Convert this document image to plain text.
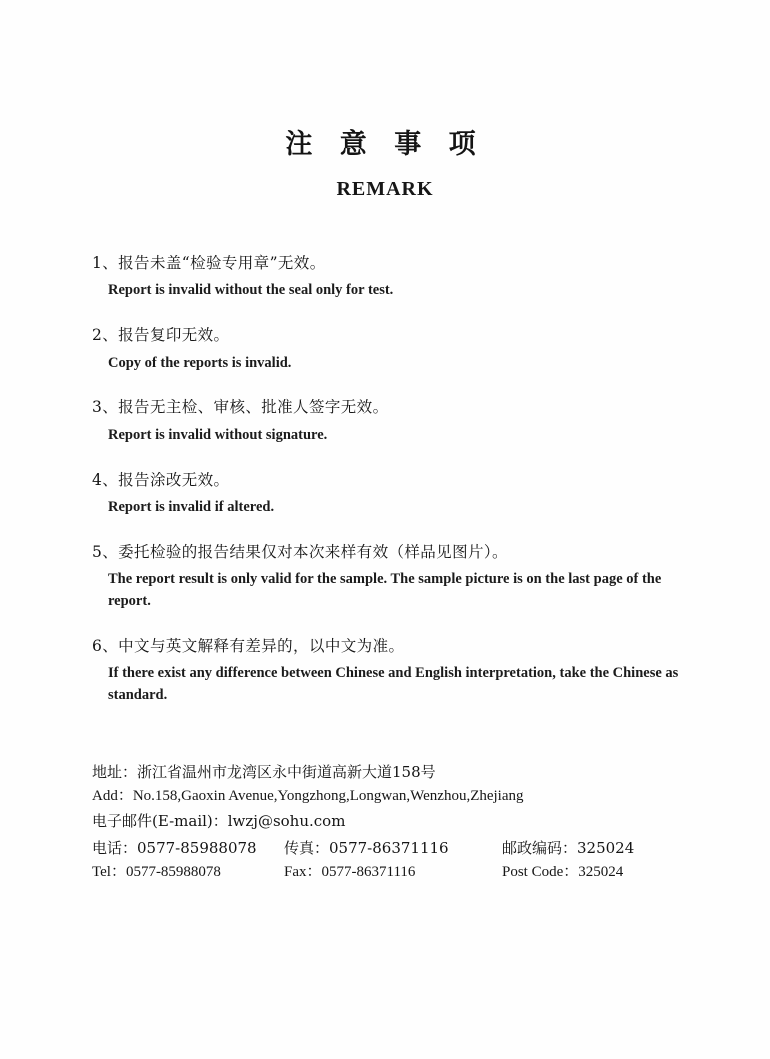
注 意 事 项
REMARK
1、报告未盖“检验专用章”无效。
Report is invalid without the seal only for test.
2、报告复印无效。
Copy of the reports is invalid.
3、报告无主检、审核、批准人签字无效。
Report is invalid without signature.
4、报告涂改无效。
Report is invalid if altered.
5、委托检验的报告结果仅对本次来样有效（样品见图片）。
The report result is only valid for the sample. The sample picture is on the last page of the report.
6、中文与英文解释有差异的，以中文为准。
If there exist any difference between Chinese and English interpretation, take the Chinese as standard.
地址：浙江省温州市龙湾区永中街道高新大道158号
Add：No.158,Gaoxin Avenue,Yongzhong,Longwan,Wenzhou,Zhejiang
电子邮件(E-mail)：lwzj@sohu.com
电话：0577-85988078 传真：0577-86371116	邮政编码：325024
Tel：0577-85988078	Fax：0577-86371116	Post Code：325024
